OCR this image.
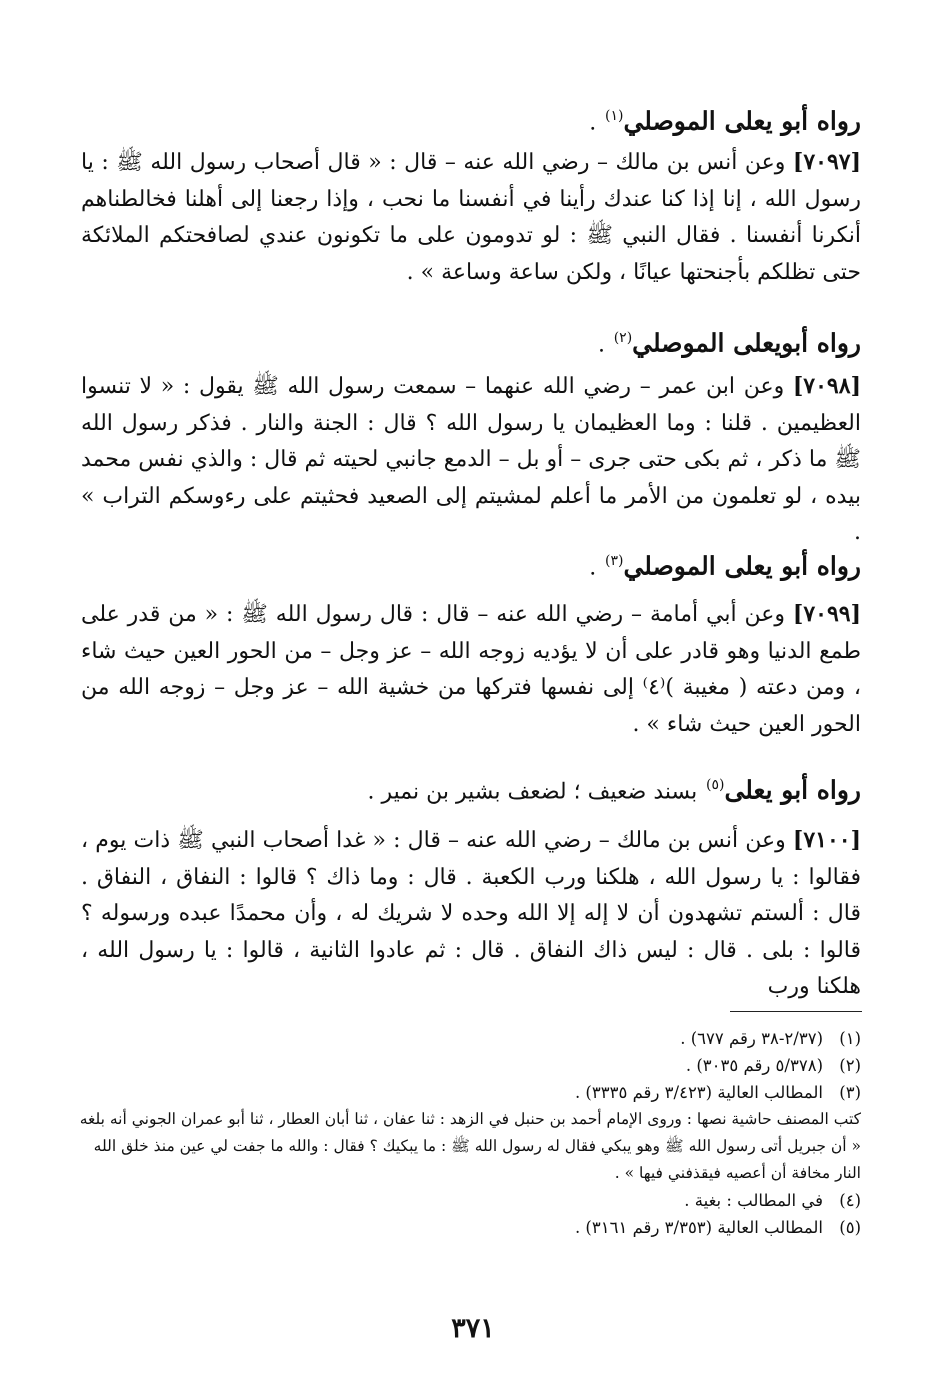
رواه أبو يعلى الموصلي$^{(١)}$ .
[٧٠٩٧] وعن أنس بن مالك – رضي الله عنه – قال : « قال أصحاب رسول الله ﷺ : يا رسول الله ، إنا إذا كنا عندك رأينا في أنفسنا ما نحب ، وإذا رجعنا إلى أهلنا فخالطناهم أنكرنا أنفسنا . فقال النبي ﷺ : لو تدومون على ما تكونون عندي لصافحتكم الملائكة حتى تظلكم بأجنحتها عيانًا ، ولكن ساعة وساعة » .
رواه أبويعلى الموصلي$^{(٢)}$ .
[٧٠٩٨] وعن ابن عمر – رضي الله عنهما – سمعت رسول الله ﷺ يقول : « لا تنسوا العظيمين . قلنا : وما العظيمان يا رسول الله ؟ قال : الجنة والنار . فذكر رسول الله ﷺ ما ذكر ، ثم بكى حتى جرى – أو بل – الدمع جانبي لحيته ثم قال : والذي نفس محمد بيده ، لو تعلمون من الأمر ما أعلم لمشيتم إلى الصعيد فحثيتم على رءوسكم التراب » .
رواه أبو يعلى الموصلي$^{(٣)}$ .
[٧٠٩٩] وعن أبي أمامة – رضي الله عنه – قال : قال رسول الله ﷺ : « من قدر على طمع الدنيا وهو قادر على أن لا يؤديه زوجه الله – عز وجل – من الحور العين حيث شاء ، ومن دعته ( مغيبة )⁽٤⁾ إلى نفسها فتركها من خشية الله – عز وجل – زوجه الله من الحور العين حيث شاء » .
رواه أبو يعلى$^{(٥)}$ بسند ضعيف ؛ لضعف بشير بن نمير .
[٧١٠٠] وعن أنس بن مالك – رضي الله عنه – قال : « غدا أصحاب النبي ﷺ ذات يوم ، فقالوا : يا رسول الله ، هلكنا ورب الكعبة . قال : وما ذاك ؟ قالوا : النفاق ، النفاق . قال : ألستم تشهدون أن لا إله إلا الله وحده لا شريك له ، وأن محمدًا عبده ورسوله ؟ قالوا : بلى . قال : ليس ذاك النفاق . قال : ثم عادوا الثانية ، قالوا : يا رسول الله ، هلكنا ورب
(١)
(٢/٣٧-٣٨ رقم ٦٧٧) .
(٢)
(٥/٣٧٨ رقم ٣٠٣٥) .
(٣)
المطالب العالية (٣/٤٢٣ رقم ٣٣٣٥) .
كتب المصنف حاشية نصها : وروى الإمام أحمد بن حنبل في الزهد : ثنا عفان ، ثنا أبان العطار ، ثنا أبو عمران الجوني أنه بلغه « أن جبريل أتى رسول الله ﷺ وهو يبكي فقال له رسول الله ﷺ : ما يبكيك ؟ فقال : والله ما جفت لي عين منذ خلق الله النار مخافة أن أعصيه فيقذفني فيها » .
(٤)
في المطالب : بغية .
(٥)
المطالب العالية (٣/٣٥٣ رقم ٣١٦١) .
٣٧١
